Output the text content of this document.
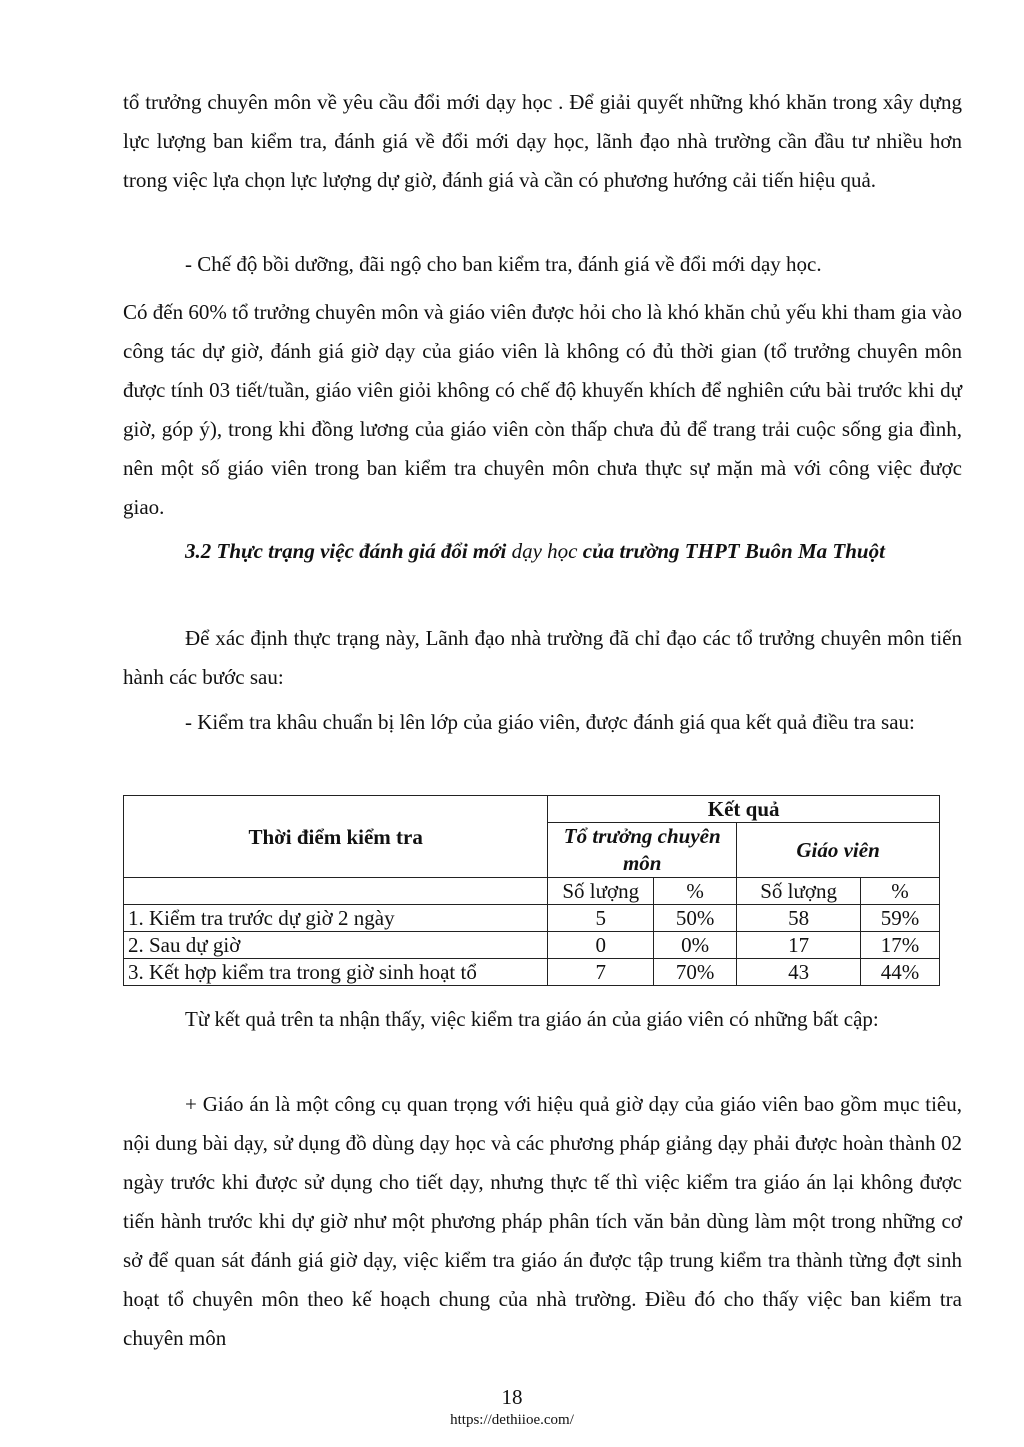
tổ trưởng chuyên môn về yêu cầu đổi mới dạy học . Để giải quyết những khó khăn trong xây dựng lực lượng ban kiểm tra, đánh giá về đổi mới dạy học, lãnh đạo nhà trường cần đầu tư nhiều hơn trong việc lựa chọn lực lượng dự giờ, đánh giá và cần có phương hướng cải tiến hiệu quả.

- Chế độ bồi dưỡng, đãi ngộ cho ban kiểm tra, đánh giá về đổi mới dạy học.

Có đến 60% tổ trưởng chuyên môn và giáo viên được hỏi cho là khó khăn chủ yếu khi tham gia vào công tác dự giờ, đánh giá giờ dạy của giáo viên là không có đủ thời gian (tổ trưởng chuyên môn được tính 03 tiết/tuần, giáo viên giỏi không có chế độ khuyến khích để nghiên cứu bài trước khi dự giờ, góp ý), trong khi đồng lương của giáo viên còn thấp chưa đủ để trang trải cuộc sống gia đình, nên một số giáo viên trong ban kiểm tra chuyên môn chưa thực sự mặn mà với công việc được giao.

3.2 Thực trạng việc đánh giá đổi mới dạy học của trường THPT Buôn Ma Thuột

Để xác định thực trạng này, Lãnh đạo nhà trường đã chỉ đạo các tổ trưởng chuyên môn tiến hành các bước sau:

- Kiểm tra khâu chuẩn bị lên lớp của giáo viên, được đánh giá qua kết quả điều tra sau:

Thời điểm kiểm tra	Kết quả			
	Tổ trưởng chuyên môn		Giáo viên	
	Số lượng	%	Số lượng	%
1. Kiểm tra trước dự giờ 2 ngày	5	50%	58	59%
2. Sau dự giờ	0	0%	17	17%
3. Kết hợp kiểm tra trong giờ sinh hoạt tổ	7	70%	43	44%

Từ kết quả trên ta nhận thấy, việc kiểm tra giáo án của giáo viên có những bất cập:

+ Giáo án là một công cụ quan trọng với hiệu quả giờ dạy của giáo viên bao gồm mục tiêu, nội dung bài dạy, sử dụng đồ dùng dạy học và các phương pháp giảng dạy phải được hoàn thành 02 ngày trước khi được sử dụng cho tiết dạy, nhưng thực tế thì việc kiểm tra giáo án lại không được tiến hành trước khi dự giờ như một phương pháp phân tích văn bản dùng làm một trong những cơ sở để quan sát đánh giá giờ dạy, việc kiểm tra giáo án được tập trung kiểm tra thành từng đợt sinh hoạt tổ chuyên môn theo kế hoạch chung của nhà trường. Điều đó cho thấy việc ban kiểm tra chuyên môn

18
https://dethiioe.com/
